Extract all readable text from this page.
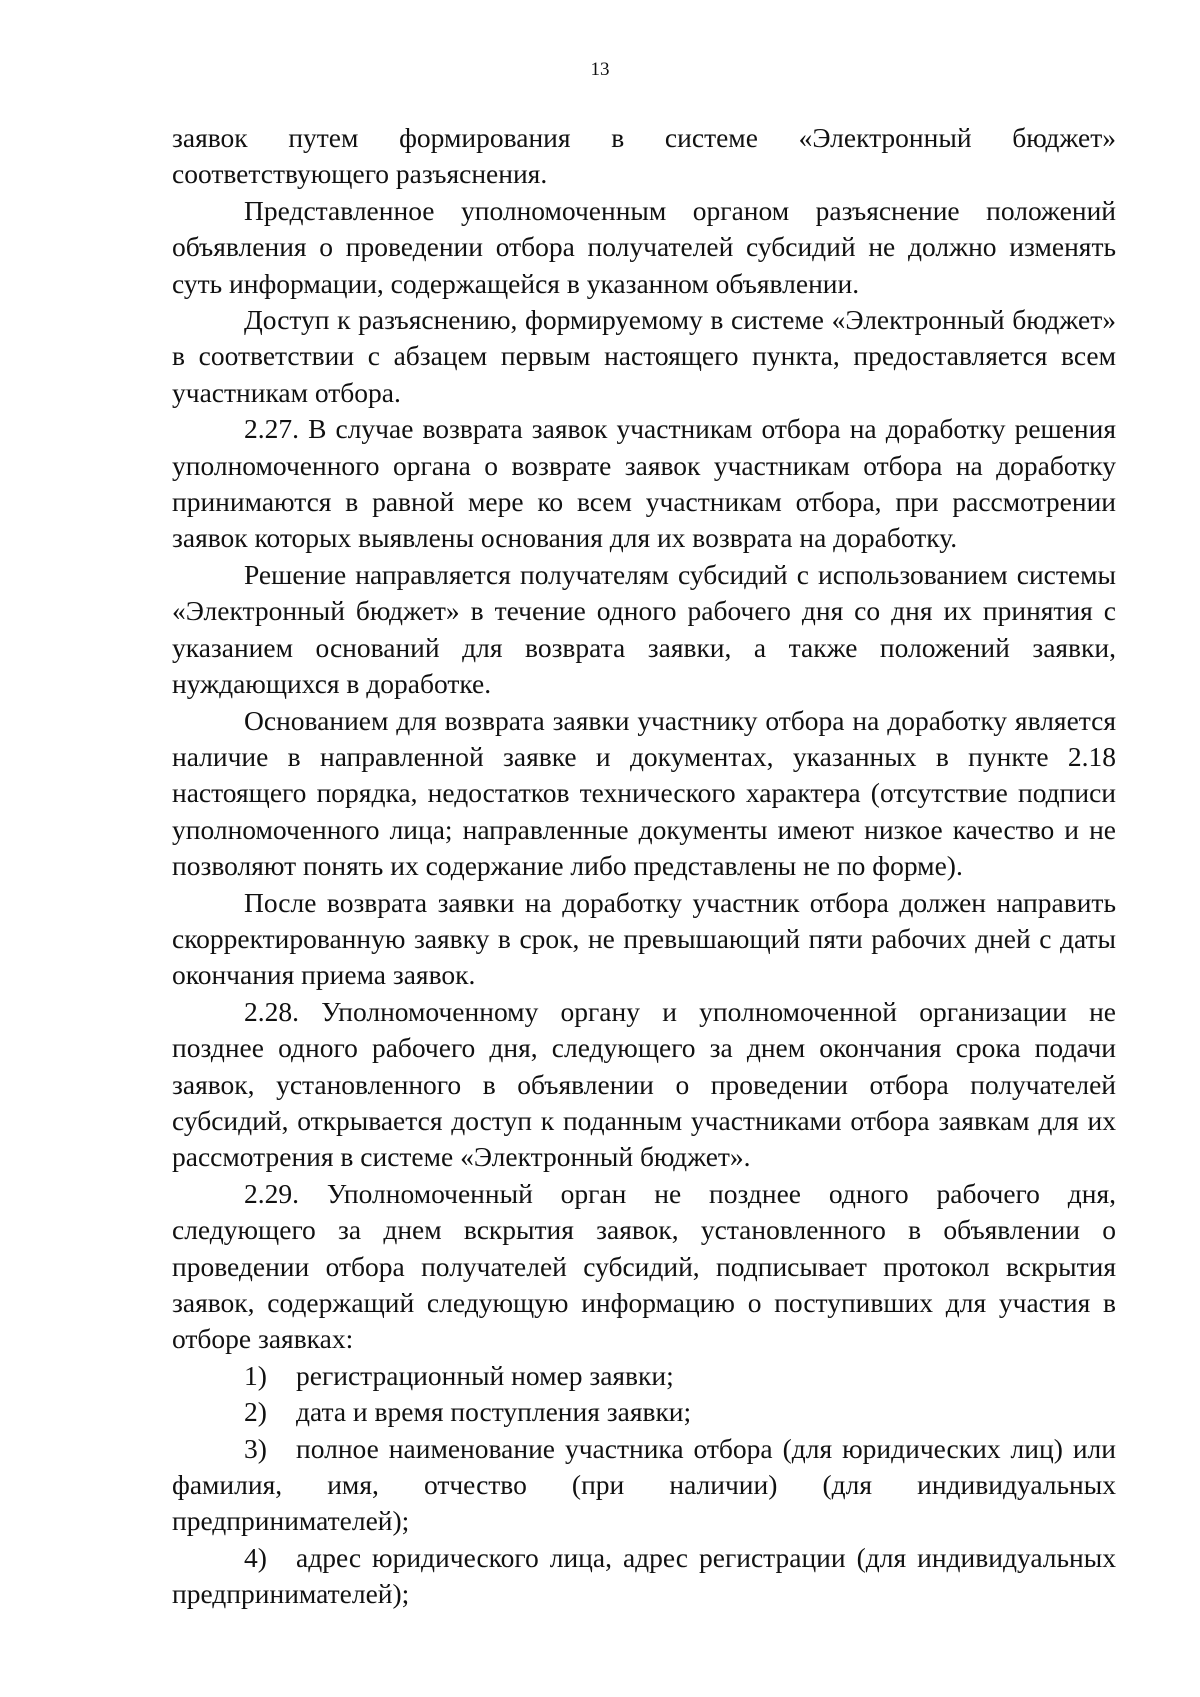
13

заявок путем формирования в системе «Электронный бюджет» соответствующего разъяснения.

Представленное уполномоченным органом разъяснение положений объявления о проведении отбора получателей субсидий не должно изменять суть информации, содержащейся в указанном объявлении.

Доступ к разъяснению, формируемому в системе «Электронный бюджет» в соответствии с абзацем первым настоящего пункта, предоставляется всем участникам отбора.

2.27. В случае возврата заявок участникам отбора на доработку решения уполномоченного органа о возврате заявок участникам отбора на доработку принимаются в равной мере ко всем участникам отбора, при рассмотрении заявок которых выявлены основания для их возврата на доработку.

Решение направляется получателям субсидий с использованием системы «Электронный бюджет» в течение одного рабочего дня со дня их принятия с указанием оснований для возврата заявки, а также положений заявки, нуждающихся в доработке.

Основанием для возврата заявки участнику отбора на доработку является наличие в направленной заявке и документах, указанных в пункте 2.18 настоящего порядка, недостатков технического характера (отсутствие подписи уполномоченного лица; направленные документы имеют низкое качество и не позволяют понять их содержание либо представлены не по форме).

После возврата заявки на доработку участник отбора должен направить скорректированную заявку в срок, не превышающий пяти рабочих дней с даты окончания приема заявок.

2.28. Уполномоченному органу и уполномоченной организации не позднее одного рабочего дня, следующего за днем окончания срока подачи заявок, установленного в объявлении о проведении отбора получателей субсидий, открывается доступ к поданным участниками отбора заявкам для их рассмотрения в системе «Электронный бюджет».

2.29. Уполномоченный орган не позднее одного рабочего дня, следующего за днем вскрытия заявок, установленного в объявлении о проведении отбора получателей субсидий, подписывает протокол вскрытия заявок, содержащий следующую информацию о поступивших для участия в отборе заявках:

1) регистрационный номер заявки;

2) дата и время поступления заявки;

3) полное наименование участника отбора (для юридических лиц) или фамилия, имя, отчество (при наличии) (для индивидуальных предпринимателей);

4) адрес юридического лица, адрес регистрации (для индивидуальных предпринимателей);
